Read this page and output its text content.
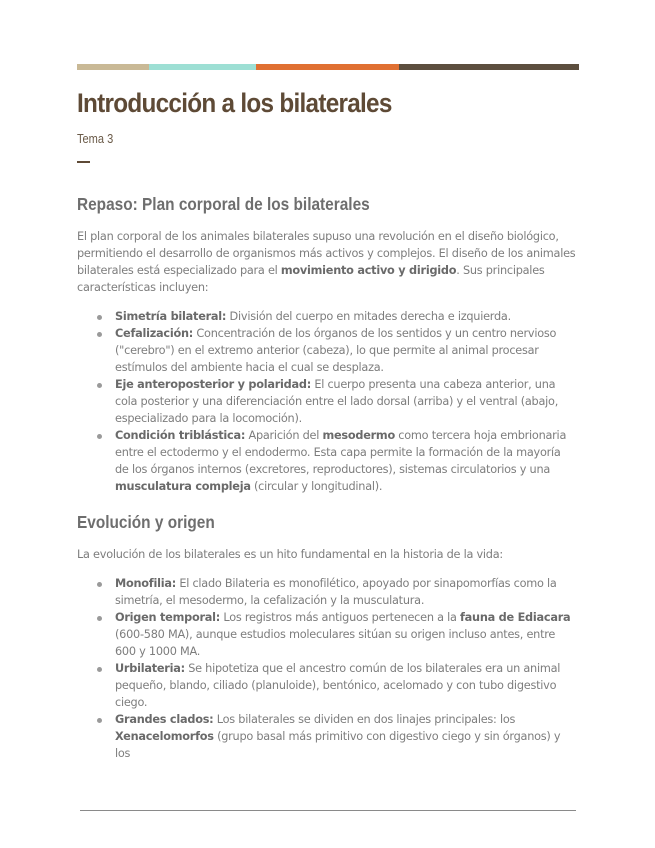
Introducción a los bilaterales
Tema 3
Repaso: Plan corporal de los bilaterales

El plan corporal de los animales bilaterales supuso una revolución en el diseño biológico, permitiendo el desarrollo de organismos más activos y complejos. El diseño de los animales bilaterales está especializado para el movimiento activo y dirigido. Sus principales características incluyen:

Simetría bilateral: División del cuerpo en mitades derecha e izquierda.
Cefalización: Concentración de los órganos de los sentidos y un centro nervioso ("cerebro") en el extremo anterior (cabeza), lo que permite al animal procesar estímulos del ambiente hacia el cual se desplaza.
Eje anteroposterior y polaridad: El cuerpo presenta una cabeza anterior, una cola posterior y una diferenciación entre el lado dorsal (arriba) y el ventral (abajo, especializado para la locomoción).
Condición triblástica: Aparición del mesodermo como tercera hoja embrionaria entre el ectodermo y el endodermo. Esta capa permite la formación de la mayoría de los órganos internos (excretores, reproductores), sistemas circulatorios y una musculatura compleja (circular y longitudinal).
Evolución y origen

La evolución de los bilaterales es un hito fundamental en la historia de la vida:

Monofilia: El clado Bilateria es monofilético, apoyado por sinapomorfías como la simetría, el mesodermo, la cefalización y la musculatura.
Origen temporal: Los registros más antiguos pertenecen a la fauna de Ediacara (600-580 MA), aunque estudios moleculares sitúan su origen incluso antes, entre 600 y 1000 MA.
Urbilateria: Se hipotetiza que el ancestro común de los bilaterales era un animal pequeño, blando, ciliado (planuloide), bentónico, acelomado y con tubo digestivo ciego.
Grandes clados: Los bilaterales se dividen en dos linajes principales: los Xenacelomorfos (grupo basal más primitivo con digestivo ciego y sin órganos) y los
